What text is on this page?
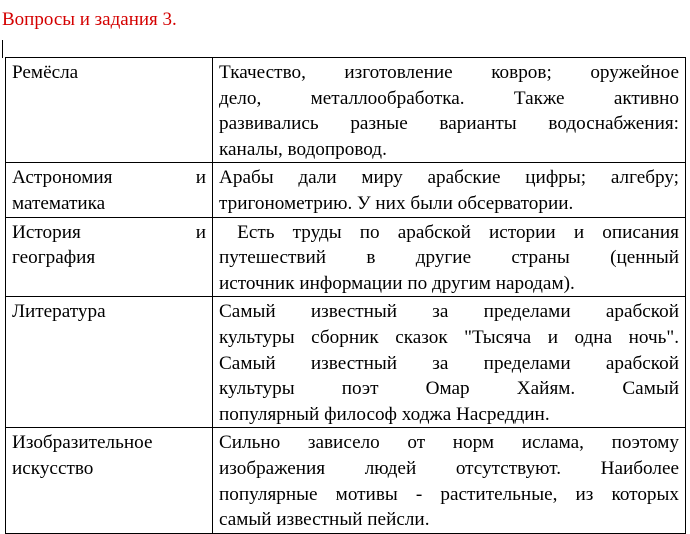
Вопросы и задания 3.
Ремёсла	Ткачество, изготовление ковров; оружейное
дело, металлообработка. Также активно
развивались разные варианты водоснабжения:
каналы, водопровод.

Астрономия и
математика	Арабы дали миру арабские цифры; алгебру;
тригонометрию. У них были обсерватории.

История и
география	Есть труды по арабской истории и описания
путешествий в другие страны (ценный
источник информации по другим народам).

Литература	Самый известный за пределами арабской
культуры сборник сказок "Тысяча и одна ночь".
Самый известный за пределами арабской
культуры поэт Омар Хайям. Самый
популярный философ ходжа Насреддин.

Изобразительное
искусство	Сильно зависело от норм ислама, поэтому
изображения людей отсутствуют. Наиболее
популярные мотивы - растительные, из которых
самый известный пейсли.
